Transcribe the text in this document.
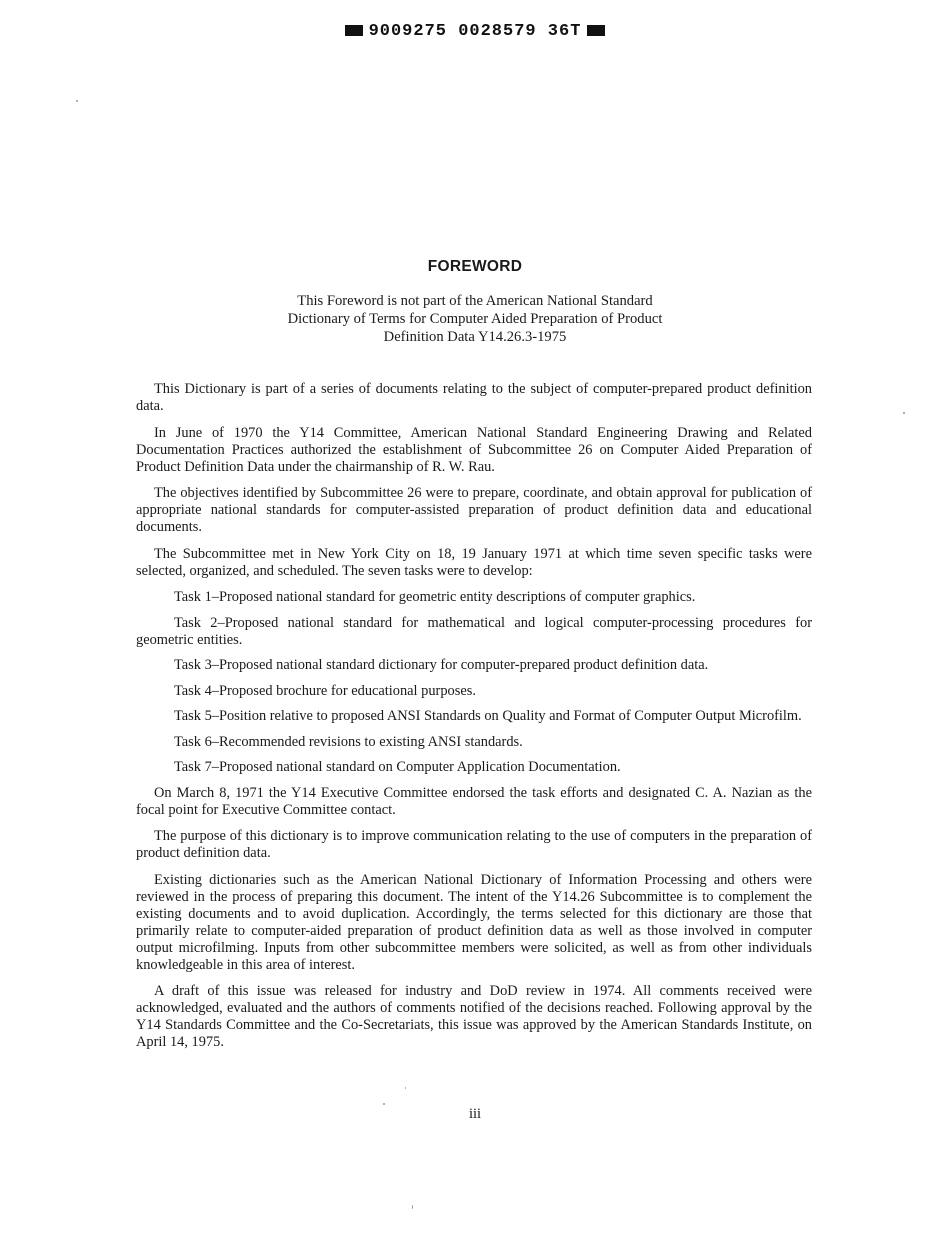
9009275 0028579 36T
FOREWORD
This Foreword is not part of the American National Standard
Dictionary of Terms for Computer Aided Preparation of Product
Definition Data Y14.26.3-1975

This Dictionary is part of a series of documents relating to the subject of computer-prepared product definition data.

In June of 1970 the Y14 Committee, American National Standard Engineering Drawing and Related Documentation Practices authorized the establishment of Subcommittee 26 on Computer Aided Preparation of Product Definition Data under the chairmanship of R. W. Rau.

The objectives identified by Subcommittee 26 were to prepare, coordinate, and obtain approval for publication of appropriate national standards for computer-assisted preparation of product definition data and educational documents.

The Subcommittee met in New York City on 18, 19 January 1971 at which time seven specific tasks were selected, organized, and scheduled. The seven tasks were to develop:

Task 1–Proposed national standard for geometric entity descriptions of computer graphics.

Task 2–Proposed national standard for mathematical and logical computer-processing procedures for geometric entities.

Task 3–Proposed national standard dictionary for computer-prepared product definition data.

Task 4–Proposed brochure for educational purposes.

Task 5–Position relative to proposed ANSI Standards on Quality and Format of Computer Output Microfilm.

Task 6–Recommended revisions to existing ANSI standards.

Task 7–Proposed national standard on Computer Application Documentation.

On March 8, 1971 the Y14 Executive Committee endorsed the task efforts and designated C. A. Nazian as the focal point for Executive Committee contact.

The purpose of this dictionary is to improve communication relating to the use of computers in the preparation of product definition data.

Existing dictionaries such as the American National Dictionary of Information Processing and others were reviewed in the process of preparing this document. The intent of the Y14.26 Subcommittee is to complement the existing documents and to avoid duplication. Accordingly, the terms selected for this dictionary are those that primarily relate to computer-aided preparation of product definition data as well as those involved in computer output microfilming. Inputs from other subcommittee members were solicited, as well as from other individuals knowledgeable in this area of interest.

A draft of this issue was released for industry and DoD review in 1974. All comments received were acknowledged, evaluated and the authors of comments notified of the decisions reached. Following approval by the Y14 Standards Committee and the Co-Secretariats, this issue was approved by the American Standards Institute, on April 14, 1975.

iii
